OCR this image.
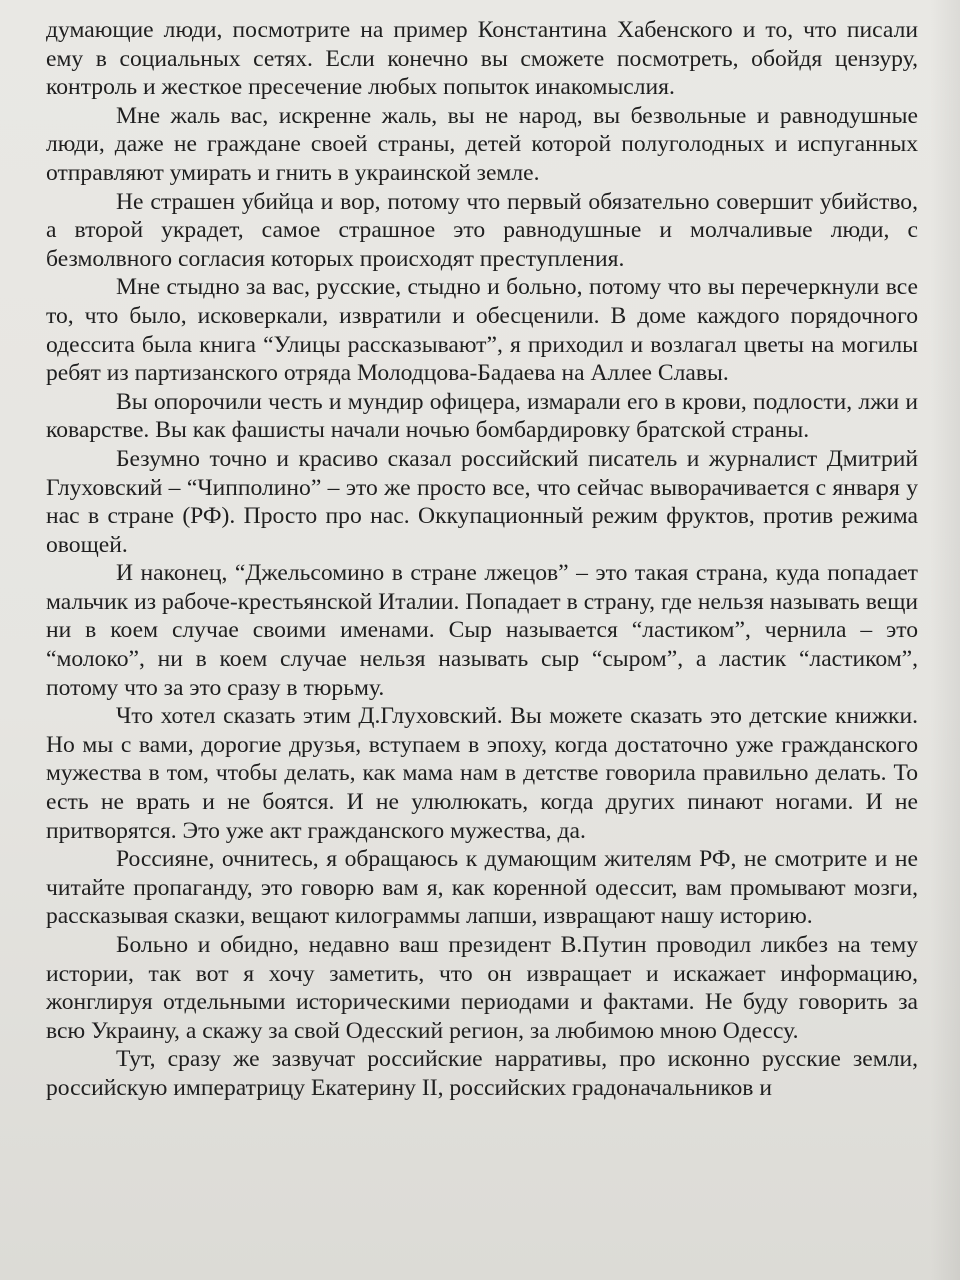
думающие люди, посмотрите на пример Константина Хабенского и то, что писали ему в социальных сетях. Если конечно вы сможете посмотреть, обойдя цензуру, контроль и жесткое пресечение любых попыток инакомыслия.

Мне жаль вас, искренне жаль, вы не народ, вы безвольные и равнодушные люди, даже не граждане своей страны, детей которой полуголодных и испуганных отправляют умирать и гнить в украинской земле.

Не страшен убийца и вор, потому что первый обязательно совершит убийство, а второй украдет, самое страшное это равнодушные и молчаливые люди, с безмолвного согласия которых происходят преступления.

Мне стыдно за вас, русские, стыдно и больно, потому что вы перечеркнули все то, что было, исковеркали, извратили и обесценили. В доме каждого порядочного одессита была книга “Улицы рассказывают”, я приходил и возлагал цветы на могилы ребят из партизанского отряда Молодцова-Бадаева на Аллее Славы.

Вы опорочили честь и мундир офицера, измарали его в крови, подлости, лжи и коварстве. Вы как фашисты начали ночью бомбардировку братской страны.

Безумно точно и красиво сказал российский писатель и журналист Дмитрий Глуховский – “Чипполино” – это же просто все, что сейчас выворачивается с января у нас в стране (РФ). Просто про нас. Оккупационный режим фруктов, против режима овощей.

И наконец, “Джельсомино в стране лжецов” – это такая страна, куда попадает мальчик из рабоче-крестьянской Италии. Попадает в страну, где нельзя называть вещи ни в коем случае своими именами. Сыр называется “ластиком”, чернила – это “молоко”, ни в коем случае нельзя называть сыр “сыром”, а ластик “ластиком”, потому что за это сразу в тюрьму.

Что хотел сказать этим Д.Глуховский. Вы можете сказать это детские книжки. Но мы с вами, дорогие друзья, вступаем в эпоху, когда достаточно уже гражданского мужества в том, чтобы делать, как мама нам в детстве говорила правильно делать. То есть не врать и не боятся. И не улюлюкать, когда других пинают ногами. И не притворятся. Это уже акт гражданского мужества, да.

Россияне, очнитесь, я обращаюсь к думающим жителям РФ, не смотрите и не читайте пропаганду, это говорю вам я, как коренной одессит, вам промывают мозги, рассказывая сказки, вещают килограммы лапши, извращают нашу историю.

Больно и обидно, недавно ваш президент В.Путин проводил ликбез на тему истории, так вот я хочу заметить, что он извращает и искажает информацию, жонглируя отдельными историческими периодами и фактами. Не буду говорить за всю Украину, а скажу за свой Одесский регион, за любимою мною Одессу.

Тут, сразу же зазвучат российские нарративы, про исконно русские земли, российскую императрицу Екатерину II, российских градоначальников и
